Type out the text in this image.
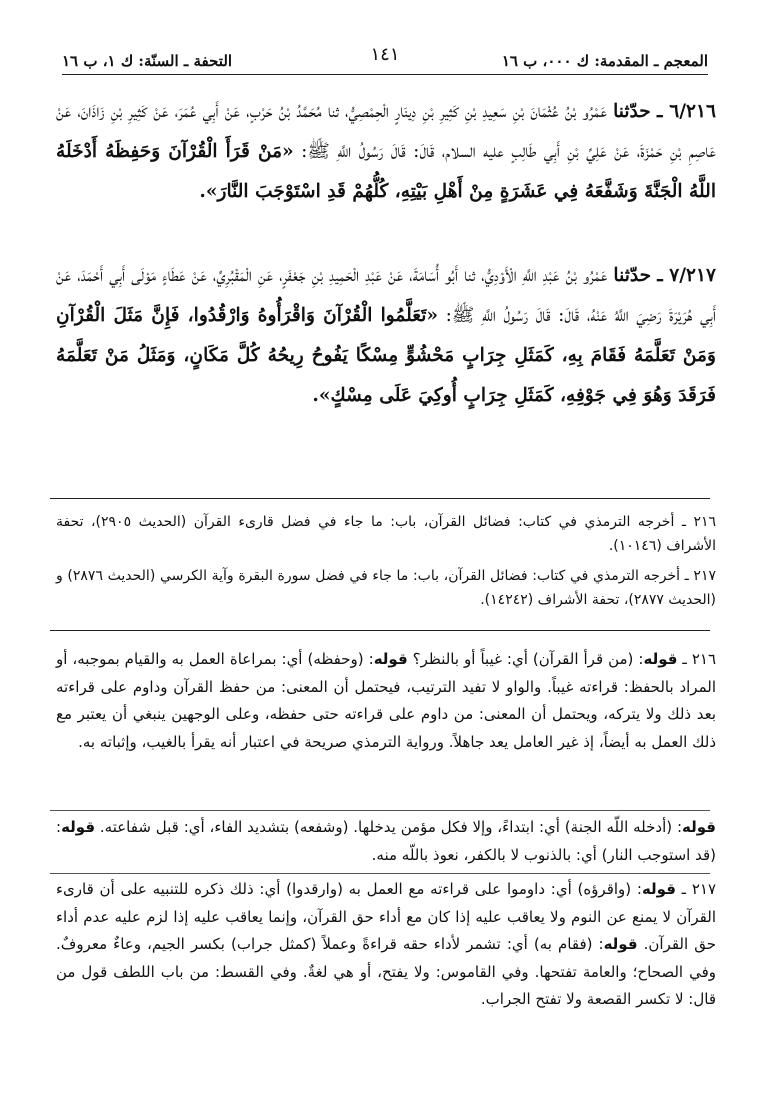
المعجم ـ المقدمة: ك ٠٠٠، ب ١٦
١٤١
التحفة ـ السنّة: ك ١، ب ١٦
٦/٢١٦ ـ حدّثنا عَمْرُو بْنُ عُثْمَانَ بْنِ سَعِيدِ بْنِ كَثِيرِ بْنِ دِينَارٍ الْحِمْصِيُّ، ثنا مُحَمَّدُ بْنُ حَرْبٍ، عَنْ أَبِي عُمَرَ، عَنْ كَثِيرِ بْنِ زَاذَانَ، عَنْ عَاصِمِ بْنِ حَمْزَةَ، عَنْ عَلِيِّ بْنِ أَبِي طَالِبٍ عليه السلام، قَالَ: قَالَ رَسُولُ اللَّهِ ﷺ: «مَنْ قَرَأَ الْقُرْآنَ وَحَفِظَهُ أَدْخَلَهُ اللَّهُ الْجَنَّةَ وَشَفَّعَهُ فِي عَشَرَةٍ مِنْ أَهْلِ بَيْتِهِ، كُلُّهُمْ قَدِ اسْتَوْجَبَ النَّارَ».
٧/٢١٧ ـ حدّثنا عَمْرُو بْنُ عَبْدِ اللَّهِ الْأَوْدِيُّ، ثنا أَبُو أُسَامَةَ، عَنْ عَبْدِ الْحَمِيدِ بْنِ جَعْفَرٍ، عَنِ الْمَقْبُرِيِّ، عَنْ عَطَاءٍ مَوْلَى أَبِي أَحْمَدَ، عَنْ أَبِي هُرَيْرَةَ رَضِيَ اللَّهُ عَنْهُ، قَالَ: قَالَ رَسُولُ اللَّهِ ﷺ: «تَعَلَّمُوا الْقُرْآنَ وَاقْرَأُوهُ وَارْقُدُوا، فَإِنَّ مَثَلَ الْقُرْآنِ وَمَنْ تَعَلَّمَهُ فَقَامَ بِهِ، كَمَثَلِ جِرَابٍ مَحْشُوٍّ مِسْكًا يَفُوحُ رِيحُهُ كُلَّ مَكَانٍ، وَمَثَلُ مَنْ تَعَلَّمَهُ فَرَقَدَ وَهُوَ فِي جَوْفِهِ، كَمَثَلِ جِرَابٍ أُوكِيَ عَلَى مِسْكٍ».
٢١٦ ـ أخرجه الترمذي في كتاب: فضائل القرآن، باب: ما جاء في فضل قارىء القرآن (الحديث ٢٩٠٥)، تحفة الأشراف (١٠١٤٦).
٢١٧ ـ أخرجه الترمذي في كتاب: فضائل القرآن، باب: ما جاء في فضل سورة البقرة وآية الكرسي (الحديث ٢٨٧٦) و (الحديث ٢٨٧٧)، تحفة الأشراف (١٤٢٤٢).
٢١٦ ـ قوله: (من قرأ القرآن) أي: غيباً أو بالنظر؟ قوله: (وحفظه) أي: بمراعاة العمل به والقيام بموجبه، أو المراد بالحفظ: قراءته غيباً. والواو لا تفيد الترتيب، فيحتمل أن المعنى: من حفظ القرآن وداوم على قراءته بعد ذلك ولا يتركه، ويحتمل أن المعنى: من داوم على قراءته حتى حفظه، وعلى الوجهين ينبغي أن يعتبر مع ذلك العمل به أيضاً، إذ غير العامل يعد جاهلاً. ورواية الترمذي صريحة في اعتبار أنه يقرأ بالغيب، وإثباته به.
قوله: (أدخله اللّه الجنة) أي: ابتداءً، وإلا فكل مؤمن يدخلها. (وشفعه) بتشديد الفاء، أي: قبل شفاعته. قوله: (قد استوجب النار) أي: بالذنوب لا بالكفر، نعوذ باللّه منه.
٢١٧ ـ قوله: (واقرؤه) أي: داوموا على قراءته مع العمل به (وارقدوا) أي: ذلك ذكره للتنبيه على أن قارىء القرآن لا يمنع عن النوم ولا يعاقب عليه إذا كان مع أداء حق القرآن، وإنما يعاقب عليه إذا لزم عليه عدم أداء حق القرآن. قوله: (فقام به) أي: تشمر لأداء حقه قراءةً وعملاً (كمثل جراب) بكسر الجيم، وعاءٌ معروفٌ. وفي الصحاح؛ والعامة تفتحها. وفي القاموس: ولا يفتح، أو هي لغةٌ. وفي القسط: من باب اللطف قول من قال: لا تكسر القصعة ولا تفتح الجراب.
